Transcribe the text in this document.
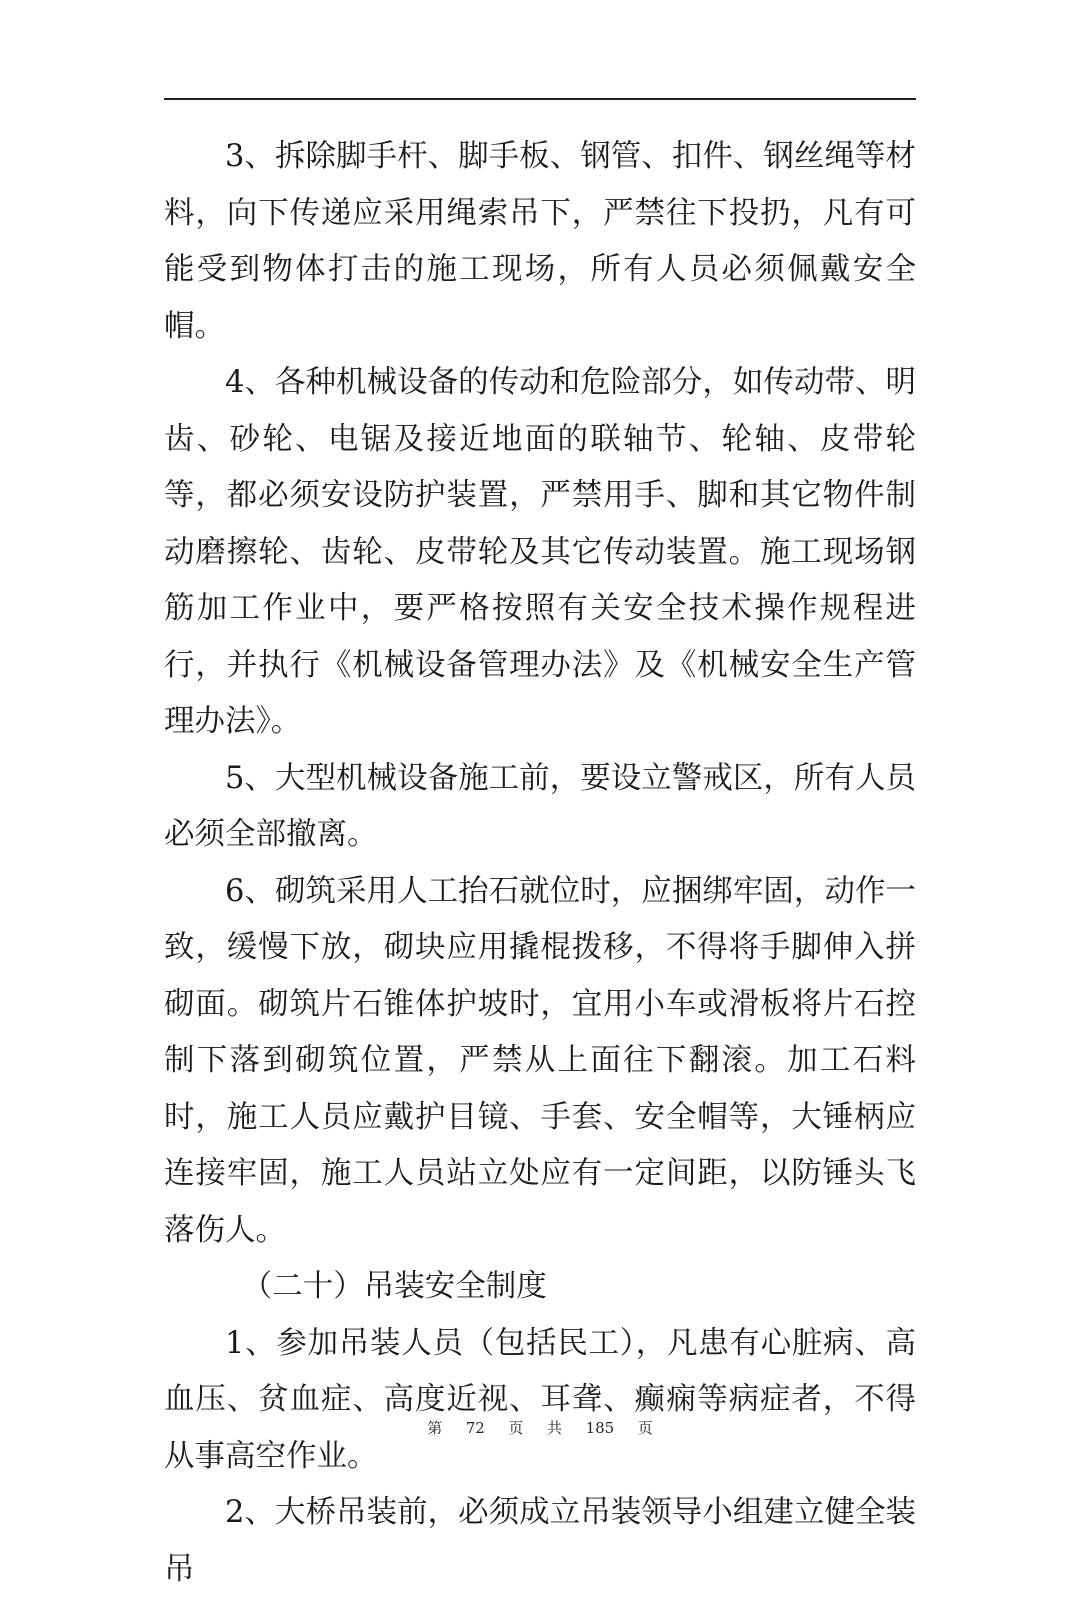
3、拆除脚手杆、脚手板、钢管、扣件、钢丝绳等材料，向下传递应采用绳索吊下，严禁往下投扔，凡有可能受到物体打击的施工现场，所有人员必须佩戴安全帽。

4、各种机械设备的传动和危险部分，如传动带、明齿、砂轮、电锯及接近地面的联轴节、轮轴、皮带轮等，都必须安设防护装置，严禁用手、脚和其它物件制动磨擦轮、齿轮、皮带轮及其它传动装置。施工现场钢筋加工作业中，要严格按照有关安全技术操作规程进行，并执行《机械设备管理办法》及《机械安全生产管理办法》。

5、大型机械设备施工前，要设立警戒区，所有人员必须全部撤离。

6、砌筑采用人工抬石就位时，应捆绑牢固，动作一致，缓慢下放，砌块应用撬棍拨移，不得将手脚伸入拼砌面。砌筑片石锥体护坡时，宜用小车或滑板将片石控制下落到砌筑位置，严禁从上面往下翻滚。加工石料时，施工人员应戴护目镜、手套、安全帽等，大锤柄应连接牢固，施工人员站立处应有一定间距，以防锤头飞落伤人。

（二十）吊装安全制度

1、参加吊装人员（包括民工），凡患有心脏病、高血压、贫血症、高度近视、耳聋、癫痫等病症者，不得从事高空作业。

2、大桥吊装前，必须成立吊装领导小组建立健全装吊

第 72 页 共 185 页
